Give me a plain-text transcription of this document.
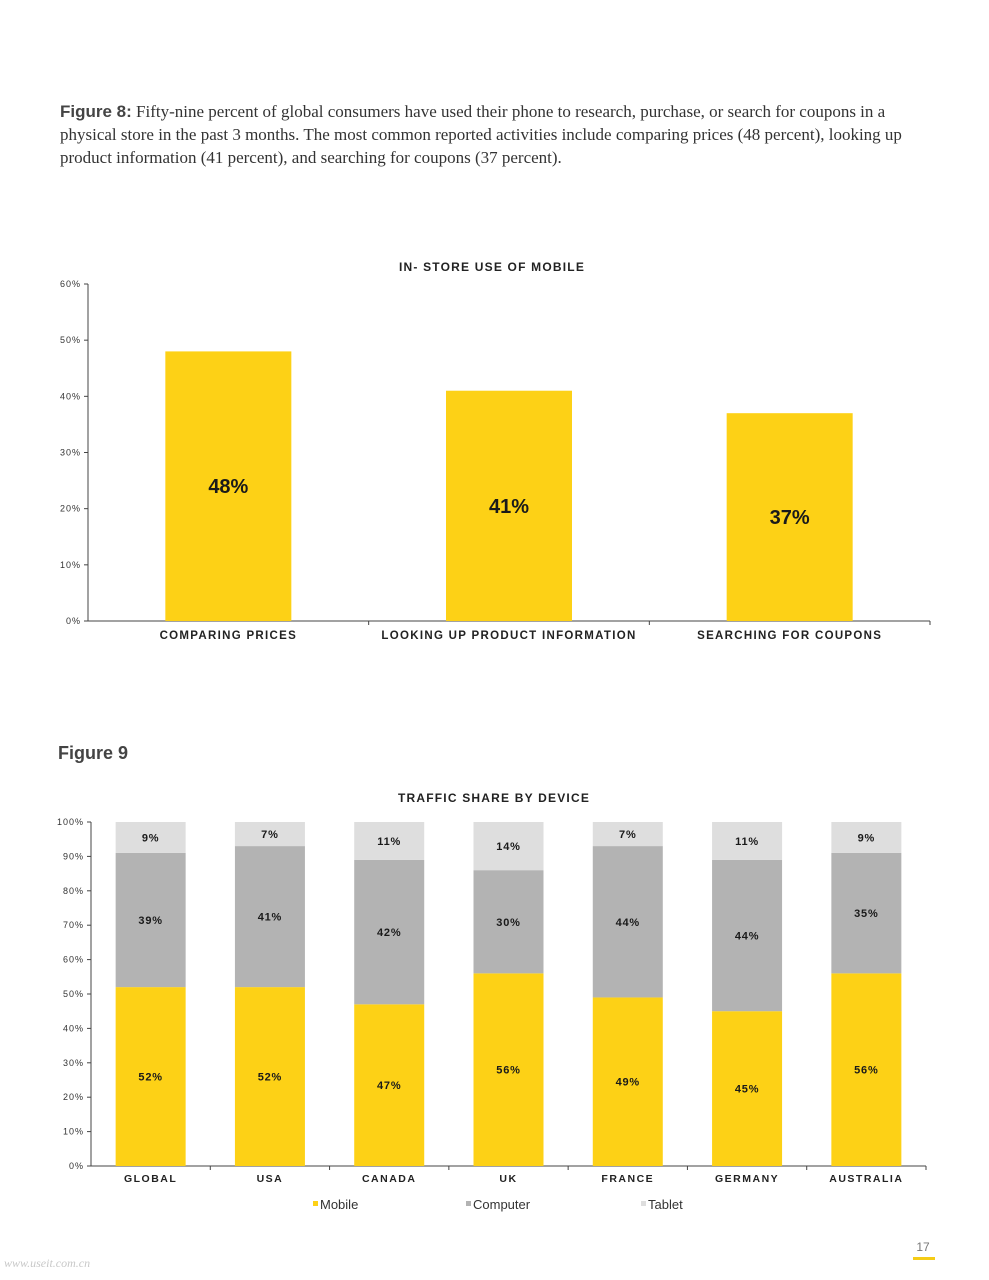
Figure 8: Fifty-nine percent of global consumers have used their phone to research, purchase, or search for coupons in a physical store in the past 3 months. The most common reported activities include comparing prices (48 percent), looking up product information (41 percent), and searching for coupons (37 percent).
IN- STORE USE OF MOBILE
0%
10%
20%
30%
40%
50%
60%
COMPARING PRICES	LOOKING UP PRODUCT INFORMATION	SEARCHING FOR COUPONS
48%
41%
37%
Figure 9
TRAFFIC SHARE BY DEVICE
0%
10%
20%
30%
40%
50%
60%
70%
80%
90%
100%
GLOBAL	USA	CANADA	UK	FRANCE	GERMANY	AUSTRALIA
52%
39%
9%
52%
41%
7%
47%
42%
11%
56%
30%
14%
49%
44%
7%
45%
44%
11%
56%
35%
9%
Mobile	Computer	Tablet
17
www.useit.com.cn
